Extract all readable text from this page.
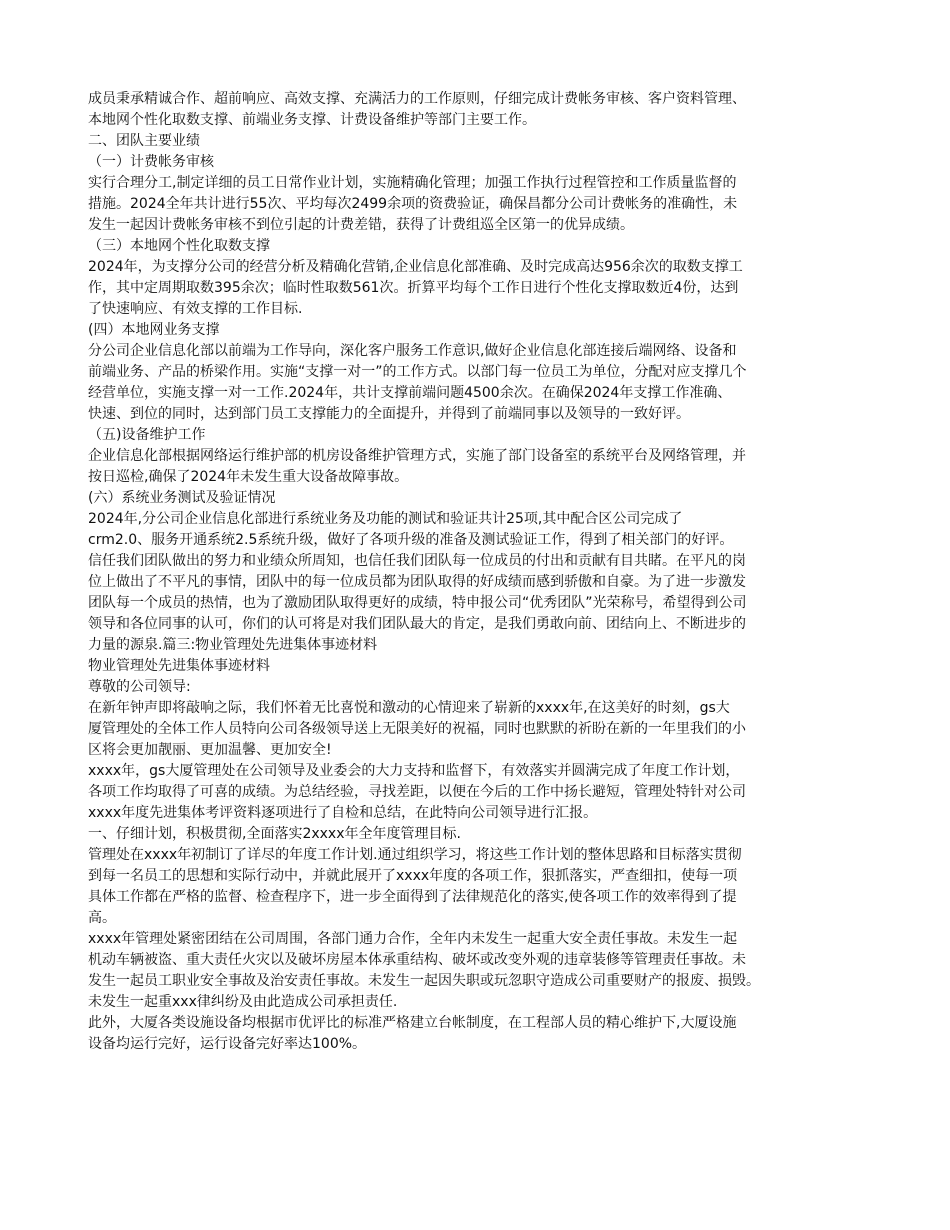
成员秉承精诚合作、超前响应、高效支撑、充满活力的工作原则，仔细完成计费帐务审核、客户资料管理、
本地网个性化取数支撑、前端业务支撑、计费设备维护等部门主要工作。
二、团队主要业绩
（一）计费帐务审核
实行合理分工,制定详细的员工日常作业计划，实施精确化管理；加强工作执行过程管控和工作质量监督的
措施。2024全年共计进行55次、平均每次2499余项的资费验证，确保昌都分公司计费帐务的准确性，未
发生一起因计费帐务审核不到位引起的计费差错，获得了计费组巡全区第一的优异成绩。
（三）本地网个性化取数支撑
2024年，为支撑分公司的经营分析及精确化营销,企业信息化部准确、及时完成高达956余次的取数支撑工
作，其中定周期取数395余次；临时性取数561次。折算平均每个工作日进行个性化支撑取数近4份，达到
了快速响应、有效支撑的工作目标.
(四）本地网业务支撑
分公司企业信息化部以前端为工作导向，深化客户服务工作意识,做好企业信息化部连接后端网络、设备和
前端业务、产品的桥梁作用。实施“支撑一对一”的工作方式。以部门每一位员工为单位，分配对应支撑几个
经营单位，实施支撑一对一工作.2024年，共计支撑前端问题4500余次。在确保2024年支撑工作准确、
快速、到位的同时，达到部门员工支撑能力的全面提升，并得到了前端同事以及领导的一致好评。
（五)设备维护工作
企业信息化部根据网络运行维护部的机房设备维护管理方式，实施了部门设备室的系统平台及网络管理，并
按日巡检,确保了2024年未发生重大设备故障事故。
(六）系统业务测试及验证情况
2024年,分公司企业信息化部进行系统业务及功能的测试和验证共计25项,其中配合区公司完成了
crm2.0、服务开通系统2.5系统升级，做好了各项升级的准备及测试验证工作，得到了相关部门的好评。
信任我们团队做出的努力和业绩众所周知，也信任我们团队每一位成员的付出和贡献有目共睹。在平凡的岗
位上做出了不平凡的事情，团队中的每一位成员都为团队取得的好成绩而感到骄傲和自豪。为了进一步激发
团队每一个成员的热情，也为了激励团队取得更好的成绩，特申报公司“优秀团队”光荣称号，希望得到公司
领导和各位同事的认可，你们的认可将是对我们团队最大的肯定，是我们勇敢向前、团结向上、不断进步的
力量的源泉.篇三:物业管理处先进集体事迹材料
物业管理处先进集体事迹材料
尊敬的公司领导:
在新年钟声即将敲响之际，我们怀着无比喜悦和激动的心情迎来了崭新的xxxx年,在这美好的时刻，gs大
厦管理处的全体工作人员特向公司各级领导送上无限美好的祝福，同时也默默的祈盼在新的一年里我们的小
区将会更加靓丽、更加温馨、更加安全!
xxxx年，gs大厦管理处在公司领导及业委会的大力支持和监督下，有效落实并圆满完成了年度工作计划，
各项工作均取得了可喜的成绩。为总结经验，寻找差距，以便在今后的工作中扬长避短，管理处特针对公司
xxxx年度先进集体考评资料逐项进行了自检和总结，在此特向公司领导进行汇报。
一、仔细计划，积极贯彻,全面落实2xxxx年全年度管理目标.
管理处在xxxx年初制订了详尽的年度工作计划.通过组织学习，将这些工作计划的整体思路和目标落实贯彻
到每一名员工的思想和实际行动中，并就此展开了xxxx年度的各项工作，狠抓落实，严查细扣，使每一项
具体工作都在严格的监督、检查程序下，进一步全面得到了法律规范化的落实,使各项工作的效率得到了提
高。
xxxx年管理处紧密团结在公司周围，各部门通力合作，全年内未发生一起重大安全责任事故。未发生一起
机动车辆被盗、重大责任火灾以及破坏房屋本体承重结构、破坏或改变外观的违章装修等管理责任事故。未
发生一起员工职业安全事故及治安责任事故。未发生一起因失职或玩忽职守造成公司重要财产的报废、损毁。
未发生一起重xxx律纠纷及由此造成公司承担责任.
此外，大厦各类设施设备均根据市优评比的标准严格建立台帐制度，在工程部人员的精心维护下,大厦设施
设备均运行完好，运行设备完好率达100%。
